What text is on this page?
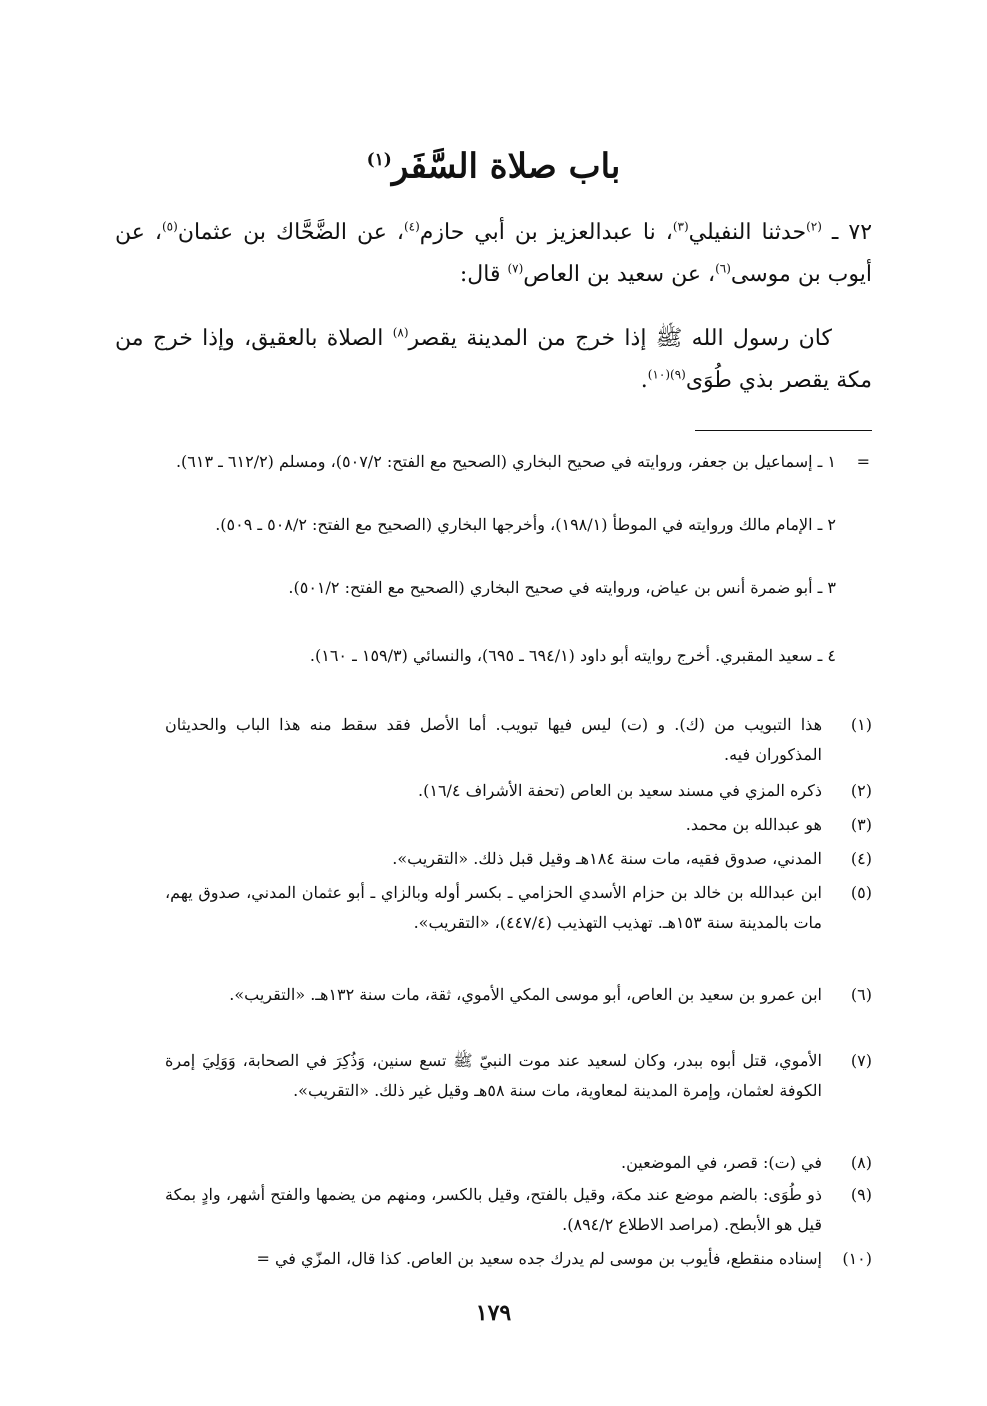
باب صلاة السَّفَر$^{(١)}$
٧٢ ـ $^{(٢)}$حدثنا النفيلي$^{(٣)}$، نا عبدالعزيز بن أبي حازم$^{(٤)}$، عن الضَّحَّاك بن عثمان$^{(٥)}$، عن أيوب بن موسى$^{(٦)}$، عن سعيد بن العاص$^{(٧)}$ قال:
كان رسول الله ﷺ إذا خرج من المدينة يقصر$^{(٨)}$ الصلاة بالعقيق، وإذا خرج من مكة يقصر بذي طُوَى$^{(٩)(١٠)}$.
=
١ ـ إسماعيل بن جعفر، وروايته في صحيح البخاري (الصحيح مع الفتح: ٥٠٧/٢)، ومسلم (٦١٢/٢ ـ ٦١٣).
٢ ـ الإمام مالك وروايته في الموطأ (١٩٨/١)، وأخرجها البخاري (الصحيح مع الفتح: ٥٠٨/٢ ـ ٥٠٩).
٣ ـ أبو ضمرة أنس بن عياض، وروايته في صحيح البخاري (الصحيح مع الفتح: ٥٠١/٢).
٤ ـ سعيد المقبري. أخرج روايته أبو داود (٦٩٤/١ ـ ٦٩٥)، والنسائي (١٥٩/٣ ـ ١٦٠).
(١)
هذا التبويب من (ك). و (ت) ليس فيها تبويب. أما الأصل فقد سقط منه هذا الباب والحديثان المذكوران فيه.
(٢)
ذكره المزي في مسند سعيد بن العاص (تحفة الأشراف ١٦/٤).
(٣)
هو عبدالله بن محمد.
(٤)
المدني، صدوق فقيه، مات سنة ١٨٤هـ وقيل قبل ذلك. «التقريب».
(٥)
ابن عبدالله بن خالد بن حزام الأسدي الحزامي ـ بكسر أوله وبالزاي ـ أبو عثمان المدني، صدوق يهم، مات بالمدينة سنة ١٥٣هـ. تهذيب التهذيب (٤٤٧/٤)، «التقريب».
(٦)
ابن عمرو بن سعيد بن العاص، أبو موسى المكي الأموي، ثقة، مات سنة ١٣٢هـ. «التقريب».
(٧)
الأموي، قتل أبوه ببدر، وكان لسعيد عند موت النبيّ ﷺ تسع سنين، وَذُكِرَ في الصحابة، وَوَلِيَ إمرة الكوفة لعثمان، وإمرة المدينة لمعاوية، مات سنة ٥٨هـ وقيل غير ذلك. «التقريب».
(٨)
في (ت): قصر، في الموضعين.
(٩)
ذو طُوَى: بالضم موضع عند مكة، وقيل بالفتح، وقيل بالكسر، ومنهم من يضمها والفتح أشهر، وادٍ بمكة قيل هو الأبطح. (مراصد الاطلاع ٨٩٤/٢).
(١٠)
إسناده منقطع، فأيوب بن موسى لم يدرك جده سعيد بن العاص. كذا قال، المزّي في =
١٧٩
